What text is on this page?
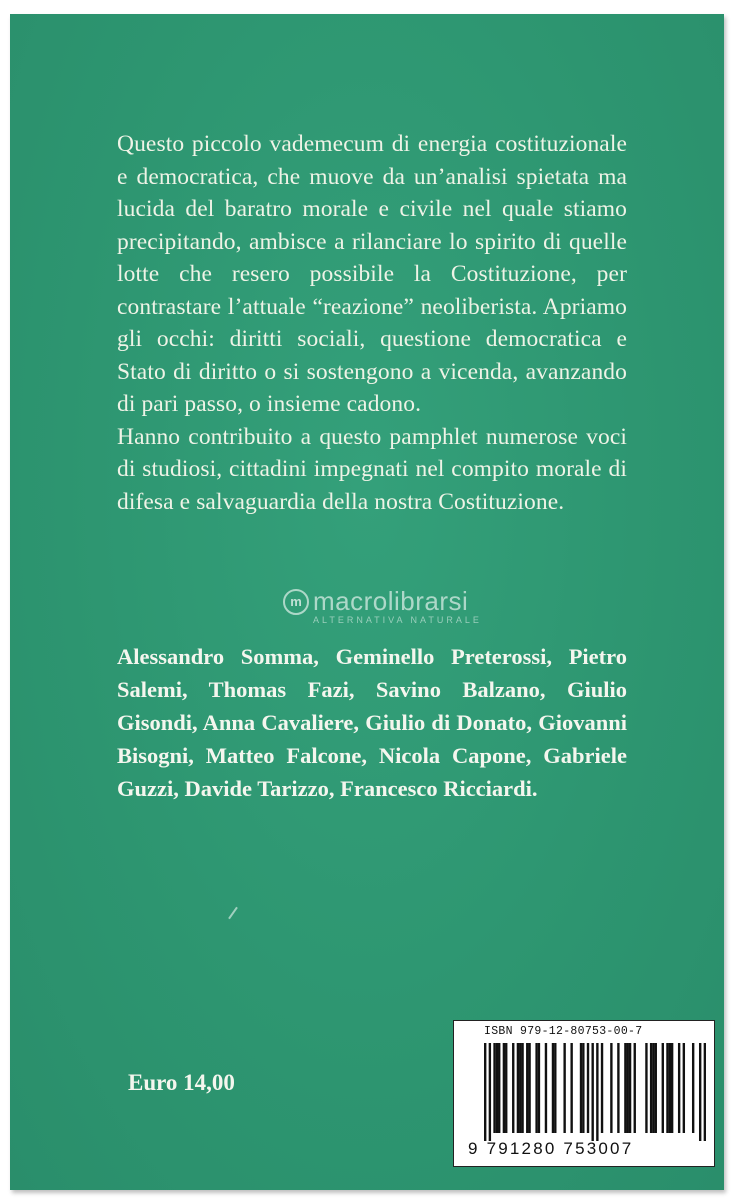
Questo piccolo vademecum di energia costituzionale e democratica, che muove da un’analisi spietata ma lucida del baratro morale e civile nel quale stiamo precipitando, ambisce a rilanciare lo spirito di quelle lotte che resero possibile la Costituzione, per contrastare l’attuale “reazione” neoliberista. Apriamo gli occhi: diritti sociali, questione democratica e Stato di diritto o si sostengono a vicenda, avanzando di pari passo, o insieme cadono.

Hanno contribuito a questo pamphlet numerose voci di studiosi, cittadini impegnati nel compito morale di difesa e salvaguardia della nostra Costituzione.

m macrolibrarsi
ALTERNATIVA NATURALE
Alessandro Somma, Geminello Preterossi, Pietro Salemi, Thomas Fazi, Savino Balzano, Giulio Gisondi, Anna Cavaliere, Giulio di Donato, Giovanni Bisogni, Matteo Falcone, Nicola Capone, Gabriele Guzzi, Davide Tarizzo, Francesco Ricciardi.
Euro 14,00
ISBN 979-12-80753-00-7
9 791280 753007
